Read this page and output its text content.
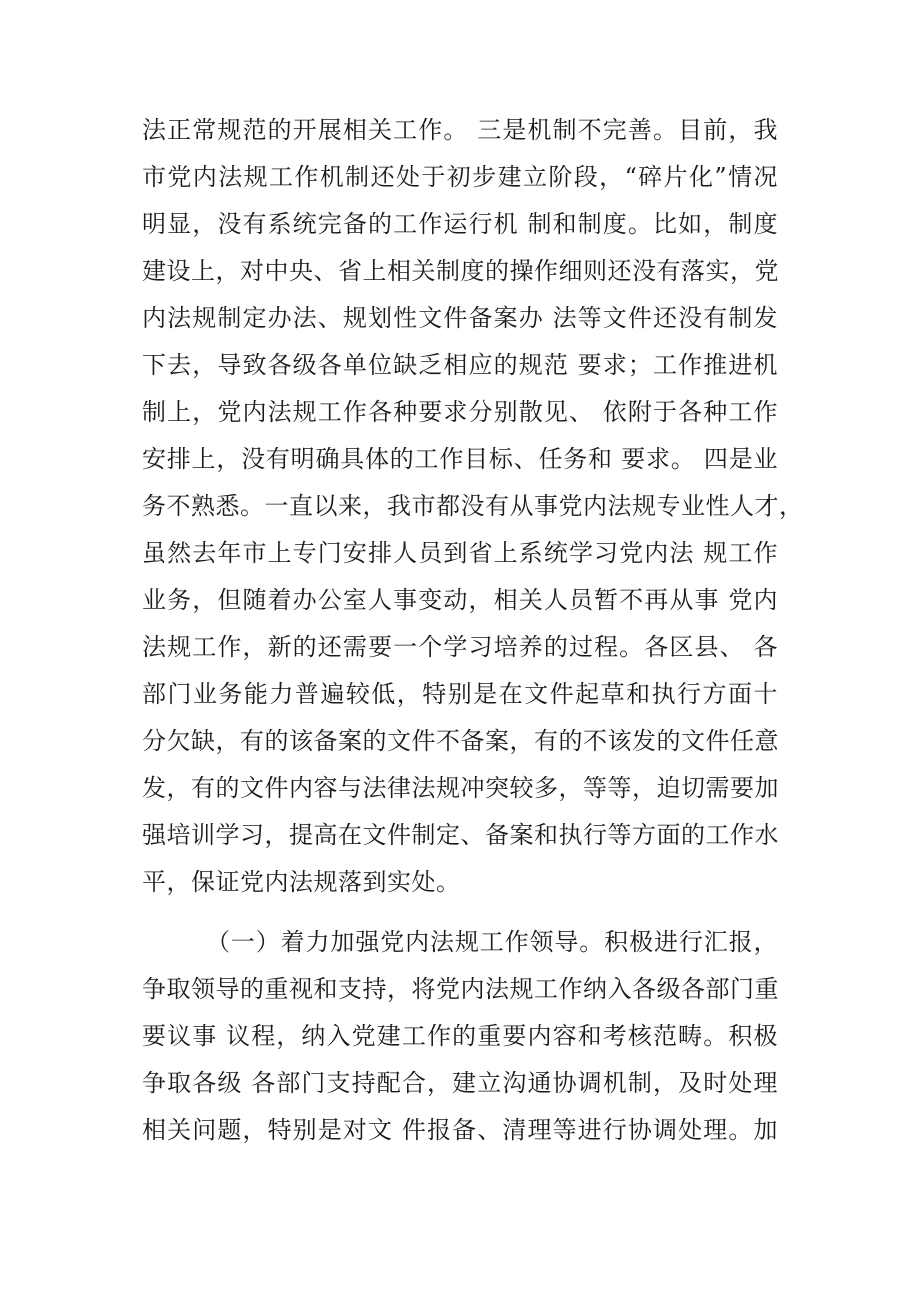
法正常规范的开展相关工作。 三是机制不完善。目前，我
市党内法规工作机制还处于初步建立阶段，“碎片化”情况
明显，没有系统完备的工作运行机 制和制度。比如，制度
建设上，对中央、省上相关制度的操作细则还没有落实，党
内法规制定办法、规划性文件备案办 法等文件还没有制发
下去，导致各级各单位缺乏相应的规范 要求；工作推进机
制上，党内法规工作各种要求分别散见、 依附于各种工作
安排上，没有明确具体的工作目标、任务和 要求。 四是业
务不熟悉。一直以来，我市都没有从事党内法规专业性人才，
虽然去年市上专门安排人员到省上系统学习党内法 规工作
业务，但随着办公室人事变动，相关人员暂不再从事 党内
法规工作，新的还需要一个学习培养的过程。各区县、 各
部门业务能力普遍较低，特别是在文件起草和执行方面十
分欠缺，有的该备案的文件不备案，有的不该发的文件任意
发，有的文件内容与法律法规冲突较多，等等，迫切需要加
强培训学习，提高在文件制定、备案和执行等方面的工作水
平，保证党内法规落到实处。
（一）着力加强党内法规工作领导。积极进行汇报，
争取领导的重视和支持，将党内法规工作纳入各级各部门重
要议事 议程，纳入党建工作的重要内容和考核范畴。积极
争取各级 各部门支持配合，建立沟通协调机制，及时处理
相关问题，特别是对文 件报备、清理等进行协调处理。加
